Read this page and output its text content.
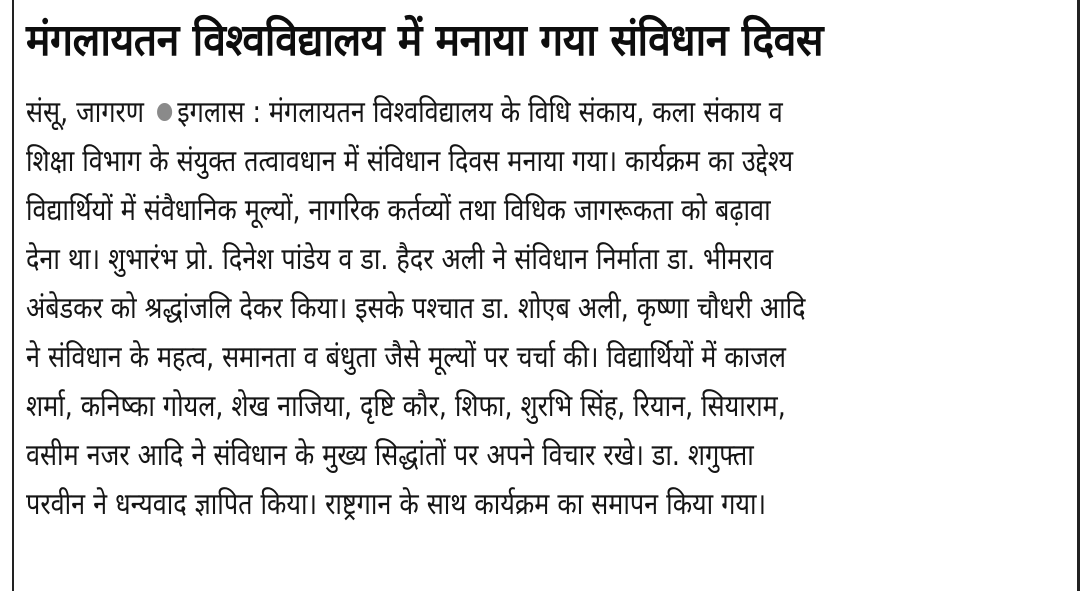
मंगलायतन विश्वविद्यालय में मनाया गया संविधान दिवस
संसू, जागरण इगलास : मंगलायतन विश्वविद्यालय के विधि संकाय, कला संकाय व
शिक्षा विभाग के संयुक्त तत्वावधान में संविधान दिवस मनाया गया। कार्यक्रम का उद्देश्य
विद्यार्थियों में संवैधानिक मूल्यों, नागरिक कर्तव्यों तथा विधिक जागरूकता को बढ़ावा
देना था। शुभारंभ प्रो. दिनेश पांडेय व डा. हैदर अली ने संविधान निर्माता डा. भीमराव
अंबेडकर को श्रद्धांजलि देकर किया। इसके पश्चात डा. शोएब अली, कृष्णा चौधरी आदि
ने संविधान के महत्व, समानता व बंधुता जैसे मूल्यों पर चर्चा की। विद्यार्थियों में काजल
शर्मा, कनिष्का गोयल, शेख नाजिया, दृष्टि कौर, शिफा, शुरभि सिंह, रियान, सियाराम,
वसीम नजर आदि ने संविधान के मुख्य सिद्धांतों पर अपने विचार रखे। डा. शगुफ्ता
परवीन ने धन्यवाद ज्ञापित किया। राष्ट्रगान के साथ कार्यक्रम का समापन किया गया।
